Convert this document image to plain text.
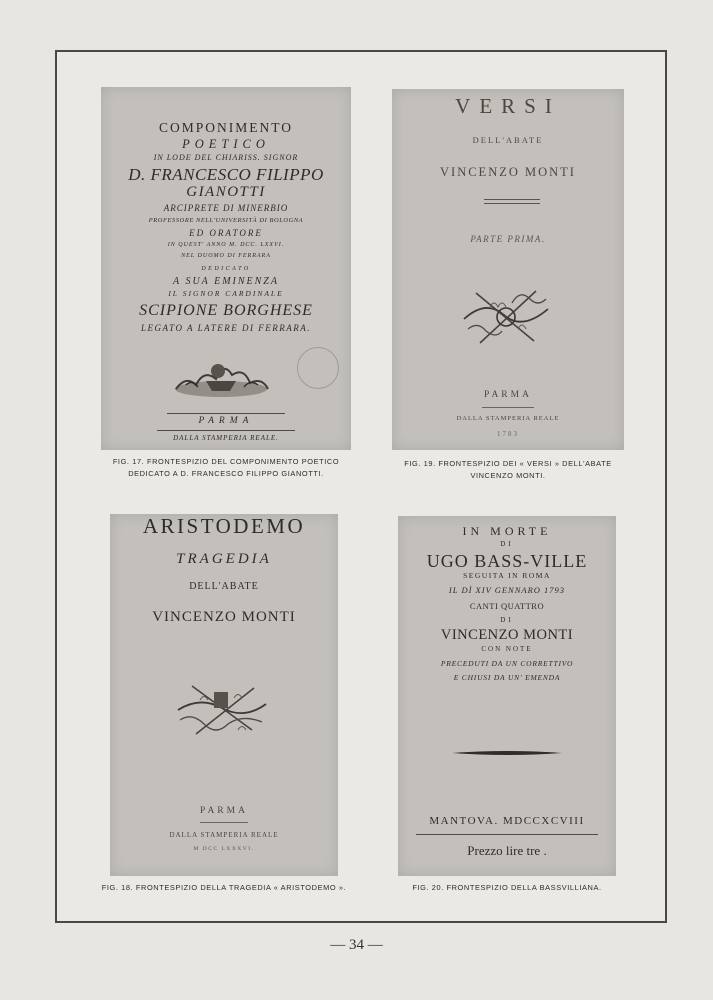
COMPONIMENTO
POETICO
IN LODE DEL CHIARISS. SIGNOR
D. FRANCESCO FILIPPO
GIANOTTI
ARCIPRETE DI MINERBIO
PROFESSORE NELL'UNIVERSITÀ DI BOLOGNA
ED ORATORE
IN QUEST' ANNO M. DCC. LXXVI.
NEL DUOMO DI FERRARA
DEDICATO
A SUA EMINENZA
IL SIGNOR CARDINALE
SCIPIONE BORGHESE
LEGATO A LATERE DI FERRARA.
PARMA
DALLA STAMPERIA REALE.
FIG. 17. FRONTESPIZIO DEL COMPONIMENTO POETICO DEDICATO A D. FRANCESCO FILIPPO GIANOTTI.
VERSI
DELL'ABATE
VINCENZO MONTI
PARTE PRIMA.
PARMA
DALLA STAMPERIA REALE
1783
FIG. 19. FRONTESPIZIO DEI « VERSI » DELL'ABATE VINCENZO MONTI.
ARISTODEMO
TRAGEDIA
DELL'ABATE
VINCENZO MONTI
PARMA
DALLA STAMPERIA REALE
M DCC LXXXVI.
FIG. 18. FRONTESPIZIO DELLA TRAGEDIA « ARISTODEMO ».
IN MORTE
DI
UGO BASS-VILLE
SEGUITA IN ROMA
IL DÌ XIV GENNARO 1793
CANTI QUATTRO
DI
VINCENZO MONTI
CON NOTE
PRECEDUTI DA UN CORRETTIVO
E CHIUSI DA UN' EMENDA
MANTOVA. MDCCXCVIII
Prezzo lire tre .
FIG. 20. FRONTESPIZIO DELLA BASSVILLIANA.
— 34 —
